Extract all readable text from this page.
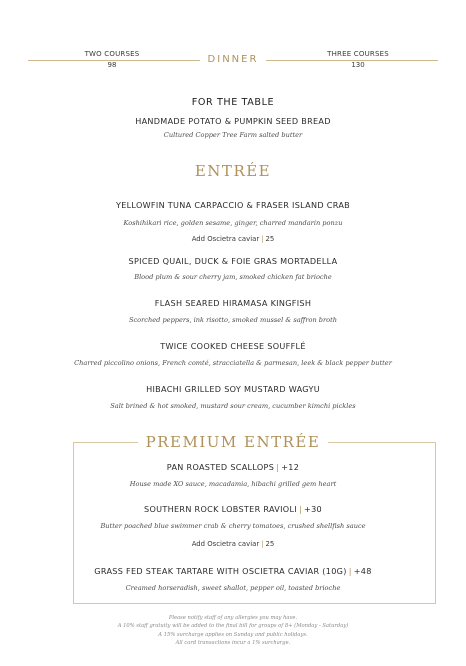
TWO COURSES
98	DINNER	THREE COURSES
130
FOR THE TABLE
HANDMADE POTATO & PUMPKIN SEED BREAD
Cultured Copper Tree Farm salted butter
ENTRÉE
YELLOWFIN TUNA CARPACCIO & FRASER ISLAND CRAB
Koshihikari rice, golden sesame, ginger, charred mandarin ponzu
Add Oscietra caviar | 25
SPICED QUAIL, DUCK & FOIE GRAS MORTADELLA
Blood plum & sour cherry jam, smoked chicken fat brioche
FLASH SEARED HIRAMASA KINGFISH
Scorched peppers, ink risotto, smoked mussel & saffron broth
TWICE COOKED CHEESE SOUFFLÉ
Charred piccolino onions, French comté, stracciatella & parmesan, leek & black pepper butter
HIBACHI GRILLED SOY MUSTARD WAGYU
Salt brined & hot smoked, mustard sour cream, cucumber kimchi pickles
PREMIUM ENTRÉE
PAN ROASTED SCALLOPS | +12
House made XO sauce, macadamia, hibachi grilled gem heart
SOUTHERN ROCK LOBSTER RAVIOLI | +30
Butter poached blue swimmer crab & cherry tomatoes, crushed shellfish sauce
Add Oscietra caviar | 25
GRASS FED STEAK TARTARE WITH OSCIETRA CAVIAR (10G) | +48
Creamed horseradish, sweet shallot, pepper oil, toasted brioche
Please notify staff of any allergies you may have.
A 10% staff gratuity will be added to the final bill for groups of 8+ (Monday - Saturday)
A 15% surcharge applies on Sunday and public holidays.
All card transactions incur a 1% surcharge.
